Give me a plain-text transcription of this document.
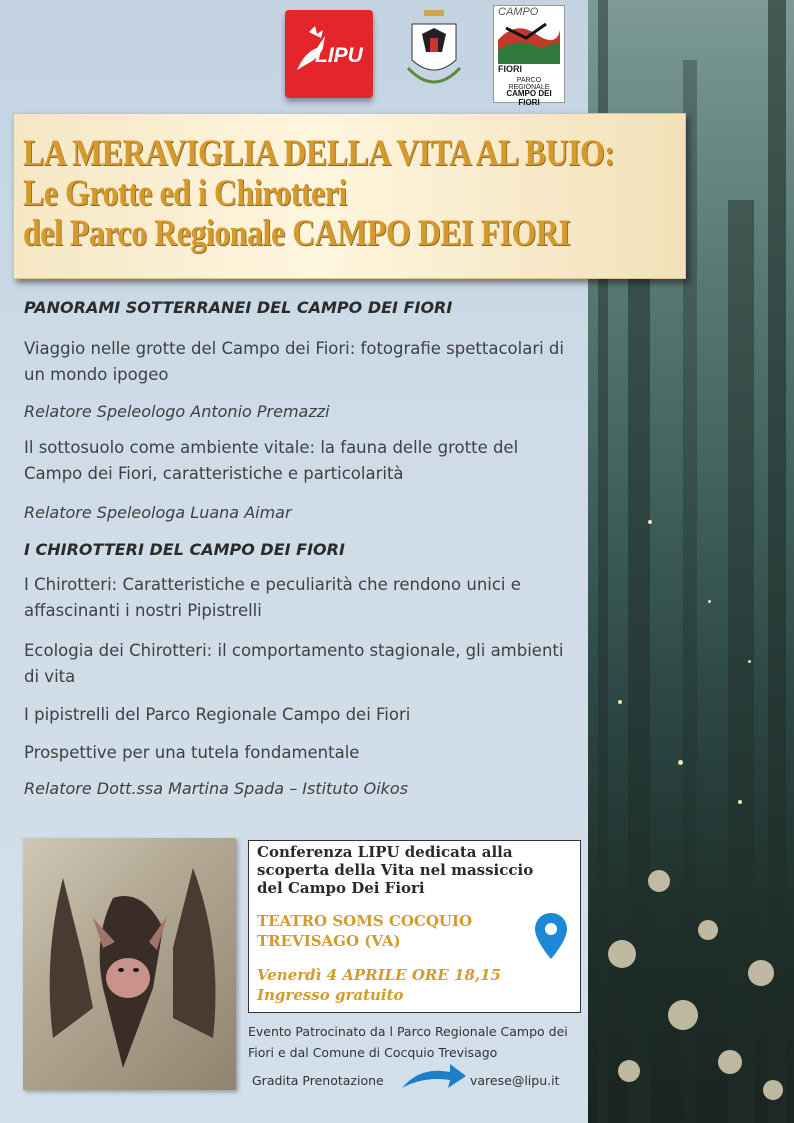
LIPU
CAMPO
FIORI
PARCO REGIONALE
CAMPO DEI FIORI
LA MERAVIGLIA DELLA VITA AL BUIO:
Le Grotte ed i Chirotteri
del Parco Regionale CAMPO DEI FIORI
PANORAMI SOTTERRANEI DEL CAMPO DEI FIORI
Viaggio nelle grotte del Campo dei Fiori: fotografie spettacolari di un mondo ipogeo
Relatore Speleologo Antonio Premazzi
Il sottosuolo come ambiente vitale: la fauna delle grotte del Campo dei Fiori, caratteristiche e particolarità
Relatore Speleologa Luana Aimar
I CHIROTTERI DEL CAMPO DEI FIORI
I Chirotteri: Caratteristiche e peculiarità che rendono unici e affascinanti i nostri Pipistrelli
Ecologia dei Chirotteri: il comportamento stagionale, gli ambienti di vita
I pipistrelli del Parco Regionale Campo dei Fiori
Prospettive per una tutela fondamentale
Relatore Dott.ssa Martina Spada – Istituto Oikos
Conferenza LIPU dedicata alla scoperta della Vita nel massiccio del Campo Dei Fiori
TEATRO SOMS COCQUIO TREVISAGO (VA)
Venerdì 4 APRILE ORE 18,15
Ingresso gratuito
Evento Patrocinato da l Parco Regionale Campo dei Fiori e dal Comune di Cocquio Trevisago
Gradita Prenotazione	varese@lipu.it
